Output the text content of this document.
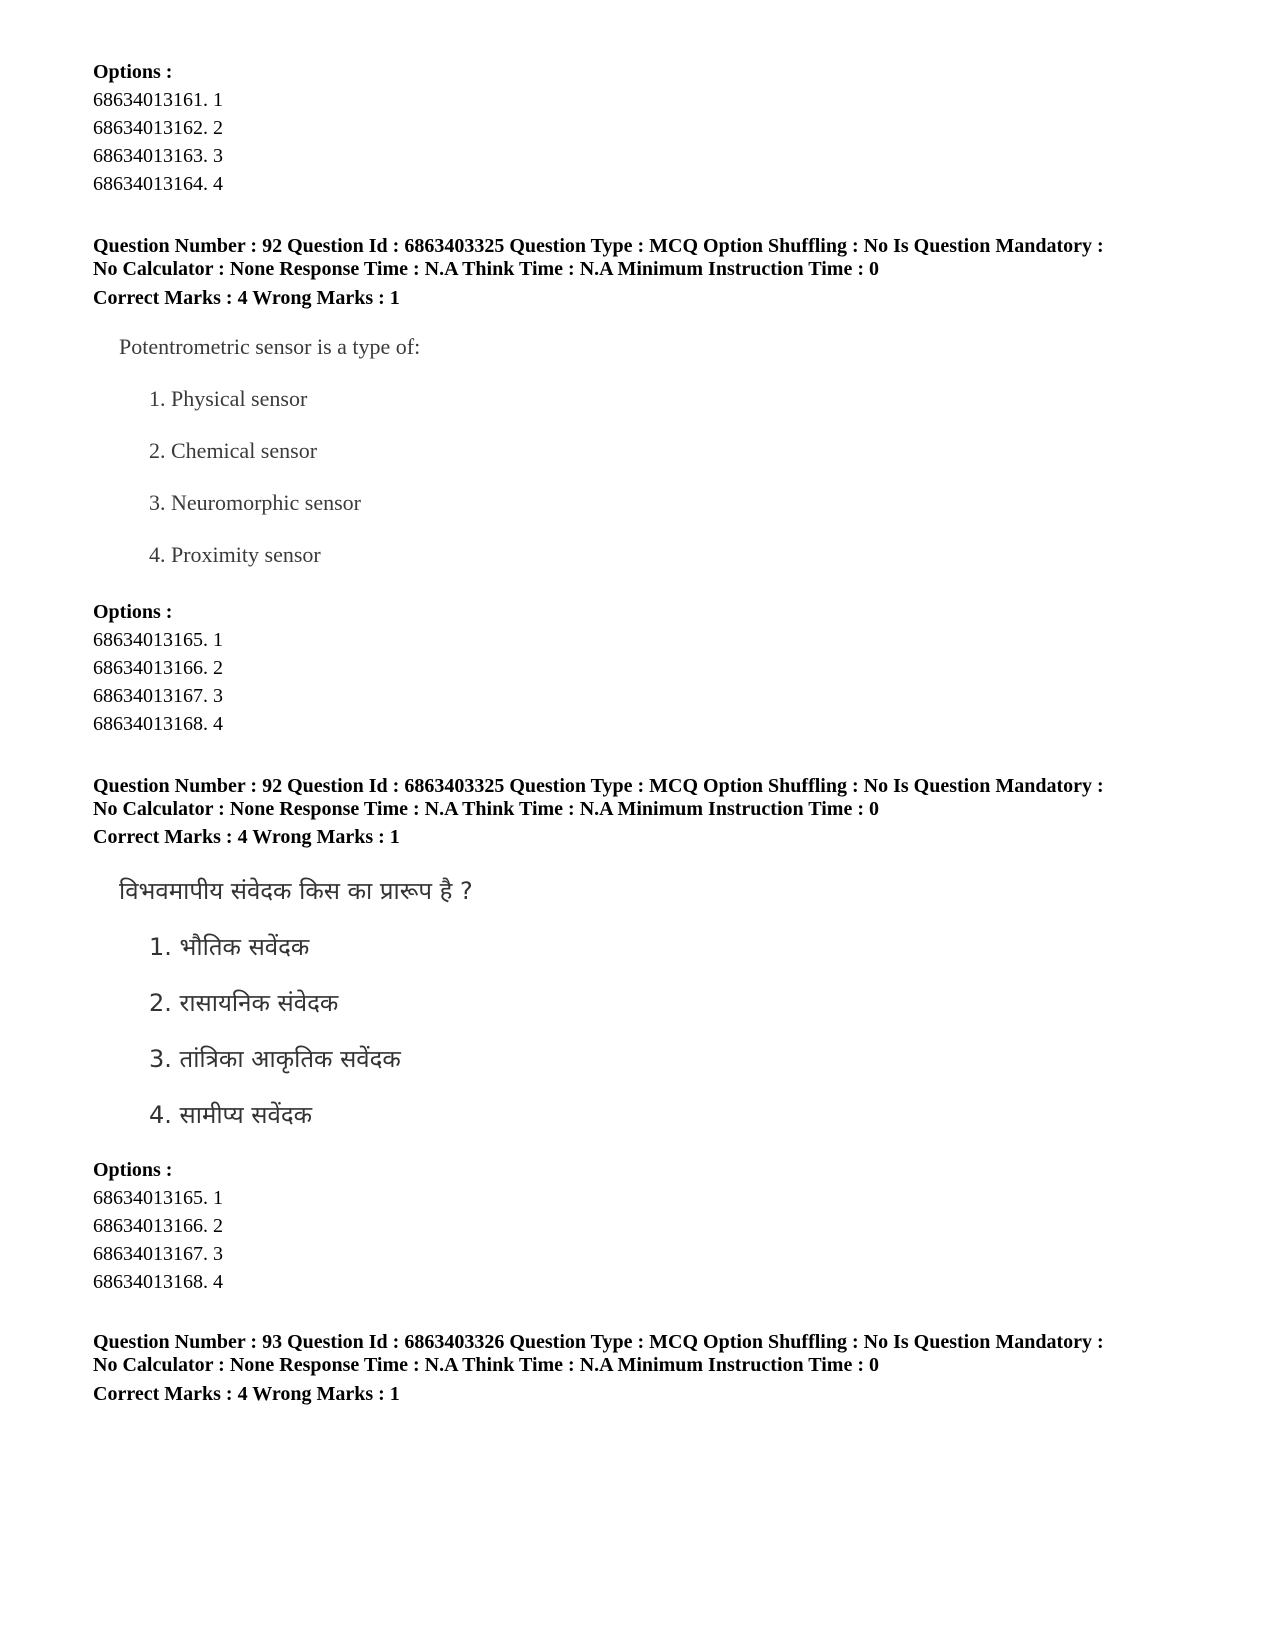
Options :
68634013161. 1
68634013162. 2
68634013163. 3
68634013164. 4
Question Number : 92 Question Id : 6863403325 Question Type : MCQ Option Shuffling : No Is Question Mandatory :
No Calculator : None Response Time : N.A Think Time : N.A Minimum Instruction Time : 0
Correct Marks : 4 Wrong Marks : 1
Potentrometric sensor is a type of:
1. Physical sensor
2. Chemical sensor
3. Neuromorphic sensor
4. Proximity sensor
Options :
68634013165. 1
68634013166. 2
68634013167. 3
68634013168. 4
Question Number : 92 Question Id : 6863403325 Question Type : MCQ Option Shuffling : No Is Question Mandatory :
No Calculator : None Response Time : N.A Think Time : N.A Minimum Instruction Time : 0
Correct Marks : 4 Wrong Marks : 1
विभवमापीय संवेदक किस का प्रारूप है ?
1. भौतिक सवेंदक
2. रासायनिक संवेदक
3. तांत्रिका आकृतिक सवेंदक
4. सामीप्य सवेंदक
Options :
68634013165. 1
68634013166. 2
68634013167. 3
68634013168. 4
Question Number : 93 Question Id : 6863403326 Question Type : MCQ Option Shuffling : No Is Question Mandatory :
No Calculator : None Response Time : N.A Think Time : N.A Minimum Instruction Time : 0
Correct Marks : 4 Wrong Marks : 1
